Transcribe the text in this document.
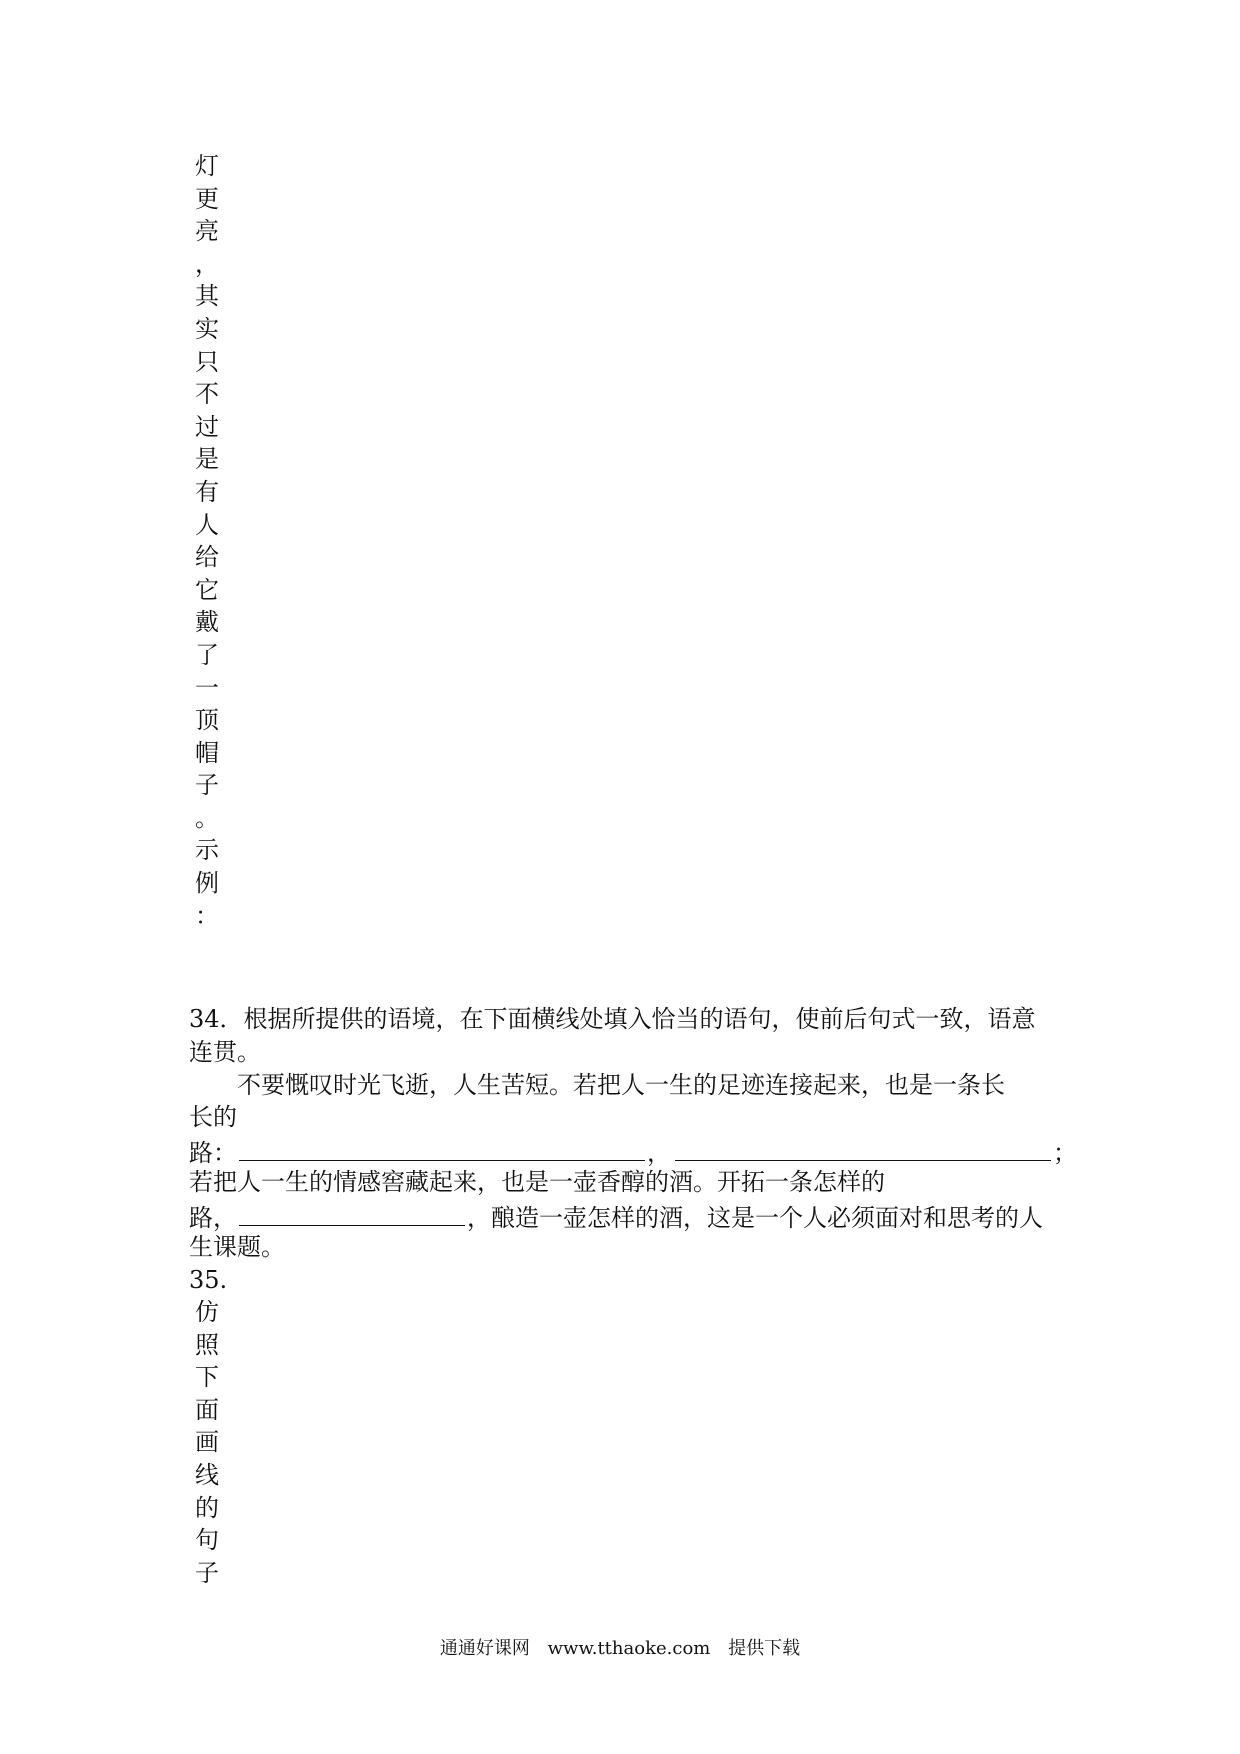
灯
更
亮
，
其
实
只
不
过
是
有
人
给
它
戴
了
一
顶
帽
子
。
示
例
：
34．根据所提供的语境，在下面横线处填入恰当的语句，使前后句式一致，语意
连贯。
　　不要慨叹时光飞逝，人生苦短。若把人一生的足迹连接起来，也是一条长
长的
路：	，	；
若把人一生的情感窖藏起来，也是一壶香醇的酒。开拓一条怎样的
路，	，酿造一壶怎样的酒，这是一个人必须面对和思考的人
生课题。
35.
仿
照
下
面
画
线
的
句
子
通通好课网 www.tthaoke.com 提供下载
